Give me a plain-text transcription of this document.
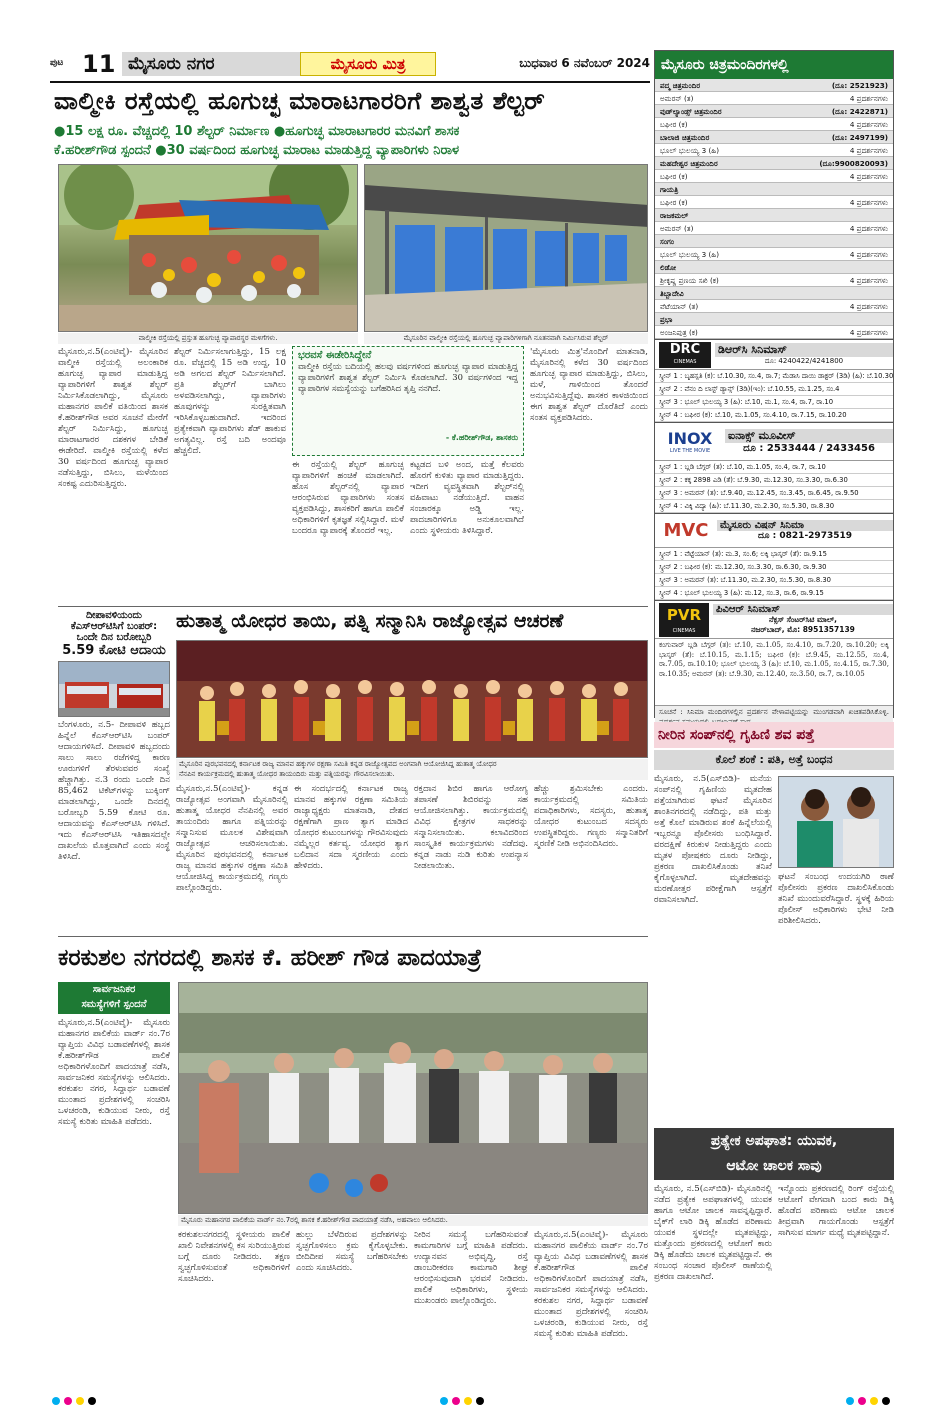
ಪುಟ 11 ಮೈಸೂರು ನಗರ	ಮೈಸೂರು ಮಿತ್ರ	ಬುಧವಾರ 6 ನವೆಂಬರ್ 2024
ವಾಲ್ಮೀಕಿ ರಸ್ತೆಯಲ್ಲಿ ಹೂಗುಚ್ಛ ಮಾರಾಟಗಾರರಿಗೆ ಶಾಶ್ವತ ಶೆಲ್ಟರ್
●15 ಲಕ್ಷ ರೂ. ವೆಚ್ಚದಲ್ಲಿ 10 ಶೆಲ್ಟರ್ ನಿರ್ಮಾಣ ●ಹೂಗುಚ್ಛ ಮಾರಾಟಗಾರರ ಮನವಿಗೆ ಶಾಸಕ
ಕೆ.ಹರೀಶ್‌ಗೌಡ ಸ್ಪಂದನೆ ●30 ವರ್ಷದಿಂದ ಹೂಗುಚ್ಛ ಮಾರಾಟ ಮಾಡುತ್ತಿದ್ದ ವ್ಯಾಪಾರಿಗಳು ನಿರಾಳ
ವಾಲ್ಮೀಕಿ ರಸ್ತೆಯಲ್ಲಿ ಪ್ರಸ್ತುತ ಹೂಗುಚ್ಛ ವ್ಯಾಪಾರಸ್ಥರ ಮಳಿಗೆಗಳು.	ಮೈಸೂರಿನ ವಾಲ್ಮೀಕಿ ರಸ್ತೆಯಲ್ಲಿ ಹೂಗುಚ್ಛ ವ್ಯಾಪಾರಿಗಳಿಗಾಗಿ ನೂತನವಾಗಿ ನಿರ್ಮಿಸಿರುವ ಶೆಲ್ಟರ್
ಮೈಸೂರು,ನ.5(ಎಂಟಿವೈ)- ಮೈಸೂರಿನ ವಾಲ್ಮೀಕಿ ರಸ್ತೆಯಲ್ಲಿ ಅಲಂಕಾರಿಕ ಹೂಗುಚ್ಛ ವ್ಯಾಪಾರ ಮಾಡುತ್ತಿದ್ದ ವ್ಯಾಪಾರಿಗಳಿಗೆ ಶಾಶ್ವತ ಶೆಲ್ಟರ್ ನಿರ್ಮಿಸಿಕೊಡಲಾಗಿದ್ದು, ಮೈಸೂರು ಮಹಾನಗರ ಪಾಲಿಕೆ ವತಿಯಿಂದ ಶಾಸಕ ಕೆ.ಹರೀಶ್‌ಗೌಡ ಅವರ ಸೂಚನೆ ಮೇರೆಗೆ ಶೆಲ್ಟರ್ ನಿರ್ಮಿಸಿದ್ದು, ಹೂಗುಚ್ಛ ಮಾರಾಟಗಾರರ ದಶಕಗಳ ಬೇಡಿಕೆ ಈಡೇರಿದೆ. ವಾಲ್ಮೀಕಿ ರಸ್ತೆಯಲ್ಲಿ ಕಳೆದ 30 ವರ್ಷದಿಂದ ಹೂಗುಚ್ಛ ವ್ಯಾಪಾರ ನಡೆಸುತ್ತಿದ್ದು, ಬಿಸಿಲು, ಮಳೆಯಿಂದ ಸಂಕಷ್ಟ ಎದುರಿಸುತ್ತಿದ್ದರು.
ಶೆಲ್ಟರ್ ನಿರ್ಮಿಸಲಾಗುತ್ತಿದ್ದು, 15 ಲಕ್ಷ ರೂ. ವೆಚ್ಚದಲ್ಲಿ 15 ಅಡಿ ಉದ್ದ, 10 ಅಡಿ ಅಗಲದ ಶೆಲ್ಟರ್ ನಿರ್ಮಿಸಲಾಗಿದೆ. ಪ್ರತಿ ಶೆಲ್ಟರ್‌ಗೆ ಬಾಗಿಲು ಅಳವಡಿಸಲಾಗಿದ್ದು, ವ್ಯಾಪಾರಿಗಳು ಹೂವುಗಳನ್ನು ಸುರಕ್ಷಿತವಾಗಿ ಇರಿಸಿಕೊಳ್ಳಬಹುದಾಗಿದೆ. ಇದರಿಂದ ಪ್ರತ್ಯೇಕವಾಗಿ ವ್ಯಾಪಾರಿಗಳು ಶೆಡ್ ಹಾಕುವ ಅಗತ್ಯವಿಲ್ಲ. ರಸ್ತೆ ಬದಿ ಅಂದವೂ ಹೆಚ್ಚಲಿದೆ.
ಭರವಸೆ ಈಡೇರಿಸಿದ್ದೇನೆ
ವಾಲ್ಮೀಕಿ ರಸ್ತೆಯ ಬದಿಯಲ್ಲಿ ಹಲವು ವರ್ಷಗಳಿಂದ ಹೂಗುಚ್ಛ ವ್ಯಾಪಾರ ಮಾಡುತ್ತಿದ್ದ ವ್ಯಾಪಾರಿಗಳಿಗೆ ಶಾಶ್ವತ ಶೆಲ್ಟರ್ ನಿರ್ಮಿಸಿ ಕೊಡಲಾಗಿದೆ. 30 ವರ್ಷಗಳಿಂದ ಇದ್ದ ವ್ಯಾಪಾರಿಗಳ ಸಮಸ್ಯೆಯನ್ನು ಬಗೆಹರಿಸಿದ ತೃಪ್ತಿ ನನಗಿದೆ.
- ಕೆ.ಹರೀಶ್‌ಗೌಡ, ಶಾಸಕರು
ಈ ರಸ್ತೆಯಲ್ಲಿ ಶೆಲ್ಟರ್ ಹೂಗುಚ್ಛ ವ್ಯಾಪಾರಿಗಳಿಗೆ ಹಂಚಿಕೆ ಮಾಡಲಾಗಿದೆ. ಹೊಸ ಶೆಲ್ಟರ್‌ನಲ್ಲಿ ವ್ಯಾಪಾರ ಆರಂಭಿಸಿರುವ ವ್ಯಾಪಾರಿಗಳು ಸಂತಸ ವ್ಯಕ್ತಪಡಿಸಿದ್ದು, ಶಾಸಕರಿಗೆ ಹಾಗೂ ಪಾಲಿಕೆ ಅಧಿಕಾರಿಗಳಿಗೆ ಕೃತಜ್ಞತೆ ಸಲ್ಲಿಸಿದ್ದಾರೆ. ಮಳೆ ಬಂದರೂ ವ್ಯಾಪಾರಕ್ಕೆ ತೊಂದರೆ ಇಲ್ಲ.
ಕಟ್ಟಡದ ಬಳಿ ಅಂದ, ಮತ್ತೆ ಕೆಲವರು ಹೊರಗೆ ಕುಳಿತು ವ್ಯಾಪಾರ ಮಾಡುತ್ತಿದ್ದರು. ಇದೀಗ ವ್ಯವಸ್ಥಿತವಾಗಿ ಶೆಲ್ಟರ್‌ನಲ್ಲಿ ವಹಿವಾಟು ನಡೆಯುತ್ತಿದೆ. ವಾಹನ ಸಂಚಾರಕ್ಕೂ ಅಡ್ಡಿ ಇಲ್ಲ. ಪಾದಚಾರಿಗಳಿಗೂ ಅನುಕೂಲವಾಗಿದೆ ಎಂದು ಸ್ಥಳೀಯರು ತಿಳಿಸಿದ್ದಾರೆ.
'ಮೈಸೂರು ಮಿತ್ರ'ನೊಂದಿಗೆ ಮಾತನಾಡಿ, ಮೈಸೂರಿನಲ್ಲಿ ಕಳೆದ 30 ವರ್ಷದಿಂದ ಹೂಗುಚ್ಛ ವ್ಯಾಪಾರ ಮಾಡುತ್ತಿದ್ದು, ಬಿಸಿಲು, ಮಳೆ, ಗಾಳಿಯಿಂದ ತೊಂದರೆ ಅನುಭವಿಸುತ್ತಿದ್ದೆವು. ಶಾಸಕರ ಕಾಳಜಿಯಿಂದ ಈಗ ಶಾಶ್ವತ ಶೆಲ್ಟರ್ ದೊರೆತಿದೆ ಎಂದು ಸಂತಸ ವ್ಯಕ್ತಪಡಿಸಿದರು.
ದೀಪಾವಳಿಯಂದು
ಕೆಎಸ್ಆರ್‌ಟಿಸಿಗೆ ಬಂಪರ್:
ಒಂದೇ ದಿನ ಬರೋಬ್ಬರಿ
5.59 ಕೋಟಿ ಆದಾಯ
ಬೆಂಗಳೂರು, ನ.5- ದೀಪಾವಳಿ ಹಬ್ಬದ ಹಿನ್ನೆಲೆ ಕೆಎಸ್ಆರ್‌ಟಿಸಿ ಬಂಪರ್ ಆದಾಯಗಳಿಸಿದೆ. ದೀಪಾವಳಿ ಹಬ್ಬದಂದು ಸಾಲು ಸಾಲು ರಜೆಗಳಿದ್ದ ಕಾರಣ ಊರುಗಳಿಗೆ ತೆರಳುವವರ ಸಂಖ್ಯೆ ಹೆಚ್ಚಾಗಿತ್ತು. ನ.3 ರಂದು ಒಂದೇ ದಿನ 85,462 ಟಿಕೆಟ್‌ಗಳನ್ನು ಬುಕ್ಕಿಂಗ್ ಮಾಡಲಾಗಿದ್ದು, ಒಂದೇ ದಿನದಲ್ಲಿ ಬರೋಬ್ಬರಿ 5.59 ಕೋಟಿ ರೂ. ಆದಾಯವನ್ನು ಕೆಎಸ್ಆರ್‌ಟಿಸಿ ಗಳಿಸಿದೆ. ಇದು ಕೆಎಸ್ಆರ್‌ಟಿಸಿ ಇತಿಹಾಸದಲ್ಲೇ ದಾಖಲೆಯ ಮೊತ್ತವಾಗಿದೆ ಎಂದು ಸಂಸ್ಥೆ ತಿಳಿಸಿದೆ.
ಹುತಾತ್ಮ ಯೋಧರ ತಾಯಿ, ಪತ್ನಿ ಸನ್ಮಾನಿಸಿ ರಾಜ್ಯೋತ್ಸವ ಆಚರಣೆ
ಮೈಸೂರಿನ ಪುರಭವನದಲ್ಲಿ ಕರ್ನಾಟಕ ರಾಜ್ಯ ಮಾನವ ಹಕ್ಕುಗಳ ರಕ್ಷಣಾ ಸಮಿತಿ ಕನ್ನಡ ರಾಜ್ಯೋತ್ಸವದ ಅಂಗವಾಗಿ ಆಯೋಜಿಸಿದ್ದ ಹುತಾತ್ಮ ಯೋಧರ
ನೆನಪಿನ ಕಾರ್ಯಕ್ರಮದಲ್ಲಿ ಹುತಾತ್ಮ ಯೋಧರ ತಾಯಂದಿರು ಮತ್ತು ಪತ್ನಿಯರನ್ನು ಗೌರವಿಸಲಾಯಿತು.
ಮೈಸೂರು,ನ.5(ಎಂಟಿವೈ)- ಕನ್ನಡ ರಾಜ್ಯೋತ್ಸವ ಅಂಗವಾಗಿ ಮೈಸೂರಿನಲ್ಲಿ ಹುತಾತ್ಮ ಯೋಧರ ನೆನಪಿನಲ್ಲಿ ಅವರ ತಾಯಂದಿರು ಹಾಗೂ ಪತ್ನಿಯರನ್ನು ಸನ್ಮಾನಿಸುವ ಮೂಲಕ ವಿಶೇಷವಾಗಿ ರಾಜ್ಯೋತ್ಸವ ಆಚರಿಸಲಾಯಿತು. ಮೈಸೂರಿನ ಪುರಭವನದಲ್ಲಿ ಕರ್ನಾಟಕ ರಾಜ್ಯ ಮಾನವ ಹಕ್ಕುಗಳ ರಕ್ಷಣಾ ಸಮಿತಿ ಆಯೋಜಿಸಿದ್ದ ಕಾರ್ಯಕ್ರಮದಲ್ಲಿ ಗಣ್ಯರು ಪಾಲ್ಗೊಂಡಿದ್ದರು.
ಈ ಸಂದರ್ಭದಲ್ಲಿ ಕರ್ನಾಟಕ ರಾಜ್ಯ ಮಾನವ ಹಕ್ಕುಗಳ ರಕ್ಷಣಾ ಸಮಿತಿಯ ರಾಜ್ಯಾಧ್ಯಕ್ಷರು ಮಾತನಾಡಿ, ದೇಶದ ರಕ್ಷಣೆಗಾಗಿ ಪ್ರಾಣ ತ್ಯಾಗ ಮಾಡಿದ ಯೋಧರ ಕುಟುಂಬಗಳನ್ನು ಗೌರವಿಸುವುದು ನಮ್ಮೆಲ್ಲರ ಕರ್ತವ್ಯ. ಯೋಧರ ತ್ಯಾಗ ಬಲಿದಾನ ಸದಾ ಸ್ಮರಣೀಯ ಎಂದು ಹೇಳಿದರು.
ರಕ್ತದಾನ ಶಿಬಿರ ಹಾಗೂ ಆರೋಗ್ಯ ತಪಾಸಣೆ ಶಿಬಿರವನ್ನು ಸಹ ಆಯೋಜಿಸಲಾಗಿತ್ತು. ಕಾರ್ಯಕ್ರಮದಲ್ಲಿ ವಿವಿಧ ಕ್ಷೇತ್ರಗಳ ಸಾಧಕರನ್ನು ಸನ್ಮಾನಿಸಲಾಯಿತು. ಕಲಾವಿದರಿಂದ ಸಾಂಸ್ಕೃತಿಕ ಕಾರ್ಯಕ್ರಮಗಳು ನಡೆದವು. ಕನ್ನಡ ನಾಡು ನುಡಿ ಕುರಿತು ಉಪನ್ಯಾಸ ನೀಡಲಾಯಿತು.
ಹೆಚ್ಚು ಶ್ರಮಿಸಬೇಕು ಎಂದರು. ಕಾರ್ಯಕ್ರಮದಲ್ಲಿ ಸಮಿತಿಯ ಪದಾಧಿಕಾರಿಗಳು, ಸದಸ್ಯರು, ಹುತಾತ್ಮ ಯೋಧರ ಕುಟುಂಬದ ಸದಸ್ಯರು ಉಪಸ್ಥಿತರಿದ್ದರು. ಗಣ್ಯರು ಸನ್ಮಾನಿತರಿಗೆ ಸ್ಮರಣಿಕೆ ನೀಡಿ ಅಭಿನಂದಿಸಿದರು.
ಕರಕುಶಲ ನಗರದಲ್ಲಿ ಶಾಸಕ ಕೆ. ಹರೀಶ್ ಗೌಡ ಪಾದಯಾತ್ರೆ
ಸಾರ್ವಜನಿಕರ
ಸಮಸ್ಯೆಗಳಿಗೆ ಸ್ಪಂದನೆ
ಮೈಸೂರು,ನ.5(ಎಂಟಿವೈ)- ಮೈಸೂರು ಮಹಾನಗರ ಪಾಲಿಕೆಯ ವಾರ್ಡ್ ನಂ.7ರ ವ್ಯಾಪ್ತಿಯ ವಿವಿಧ ಬಡಾವಣೆಗಳಲ್ಲಿ ಶಾಸಕ ಕೆ.ಹರೀಶ್‌ಗೌಡ ಪಾಲಿಕೆ ಅಧಿಕಾರಿಗಳೊಂದಿಗೆ ಪಾದಯಾತ್ರೆ ನಡೆಸಿ, ಸಾರ್ವಜನಿಕರ ಸಮಸ್ಯೆಗಳನ್ನು ಆಲಿಸಿದರು. ಕರಕುಶಲ ನಗರ, ಸಿದ್ದಾರ್ಥ ಬಡಾವಣೆ ಮುಂತಾದ ಪ್ರದೇಶಗಳಲ್ಲಿ ಸಂಚರಿಸಿ ಒಳಚರಂಡಿ, ಕುಡಿಯುವ ನೀರು, ರಸ್ತೆ ಸಮಸ್ಯೆ ಕುರಿತು ಮಾಹಿತಿ ಪಡೆದರು.
ಮೈಸೂರು ಮಹಾನಗರ ಪಾಲಿಕೆಯ ವಾರ್ಡ್ ನಂ.7ರಲ್ಲಿ ಶಾಸಕ ಕೆ.ಹರೀಶ್‌ಗೌಡ ಪಾದಯಾತ್ರೆ ನಡೆಸಿ, ಅಹವಾಲು ಆಲಿಸಿದರು.
ಕರಕುಶಲನಗರದಲ್ಲಿ ಸ್ಥಳೀಯರು ಪಾಲಿಕೆ ಖಾಲಿ ನಿವೇಶನಗಳಲ್ಲಿ ಕಸ ಸುರಿಯುತ್ತಿರುವ ಬಗ್ಗೆ ದೂರು ನೀಡಿದರು. ತಕ್ಷಣ ಸ್ವಚ್ಛಗೊಳಿಸುವಂತೆ ಅಧಿಕಾರಿಗಳಿಗೆ ಸೂಚಿಸಿದರು.
ಹುಲ್ಲು ಬೆಳೆದಿರುವ ಪ್ರದೇಶಗಳನ್ನು ಸ್ವಚ್ಛಗೊಳಿಸಲು ಕ್ರಮ ಕೈಗೊಳ್ಳಬೇಕು. ಬೀದಿದೀಪ ಸಮಸ್ಯೆ ಬಗೆಹರಿಸಬೇಕು ಎಂದು ಸೂಚಿಸಿದರು.
ನೀರಿನ ಸಮಸ್ಯೆ ಬಗೆಹರಿಸುವಂತೆ ಕಾಮಗಾರಿಗಳ ಬಗ್ಗೆ ಮಾಹಿತಿ ಪಡೆದರು. ಉದ್ಯಾನವನ ಅಭಿವೃದ್ಧಿ, ರಸ್ತೆ ಡಾಂಬರೀಕರಣ ಕಾಮಗಾರಿ ಶೀಘ್ರ ಆರಂಭಿಸುವುದಾಗಿ ಭರವಸೆ ನೀಡಿದರು. ಪಾಲಿಕೆ ಅಧಿಕಾರಿಗಳು, ಸ್ಥಳೀಯ ಮುಖಂಡರು ಪಾಲ್ಗೊಂಡಿದ್ದರು.
ಮೈಸೂರು,ನ.5(ಎಂಟಿವೈ)- ಮೈಸೂರು ಮಹಾನಗರ ಪಾಲಿಕೆಯ ವಾರ್ಡ್ ನಂ.7ರ ವ್ಯಾಪ್ತಿಯ ವಿವಿಧ ಬಡಾವಣೆಗಳಲ್ಲಿ ಶಾಸಕ ಕೆ.ಹರೀಶ್‌ಗೌಡ ಪಾಲಿಕೆ ಅಧಿಕಾರಿಗಳೊಂದಿಗೆ ಪಾದಯಾತ್ರೆ ನಡೆಸಿ, ಸಾರ್ವಜನಿಕರ ಸಮಸ್ಯೆಗಳನ್ನು ಆಲಿಸಿದರು. ಕರಕುಶಲ ನಗರ, ಸಿದ್ದಾರ್ಥ ಬಡಾವಣೆ ಮುಂತಾದ ಪ್ರದೇಶಗಳಲ್ಲಿ ಸಂಚರಿಸಿ ಒಳಚರಂಡಿ, ಕುಡಿಯುವ ನೀರು, ರಸ್ತೆ ಸಮಸ್ಯೆ ಕುರಿತು ಮಾಹಿತಿ ಪಡೆದರು.
ಮೈಸೂರು ಚಿತ್ರಮಂದಿರಗಳಲ್ಲಿ
ಪದ್ಮ ಚಿತ್ರಮಂದಿರ	(ದೂ: 2521923)
ಅಮರನ್ (ತ)	4 ಪ್ರದರ್ಶನಗಳು
ವುಡ್‌ಲ್ಯಾಂಡ್ಸ್ ಚಿತ್ರಮಂದಿರ	(ದೂ: 2422871)
ಬಘೀರ (ಕ)	4 ಪ್ರದರ್ಶನಗಳು
ಬಾಲಾಜಿ ಚಿತ್ರಮಂದಿರ	(ದೂ: 2497199)
ಭೂಲ್ ಭುಲಯ್ಯ 3 (ಹಿ)	4 ಪ್ರದರ್ಶನಗಳು
ಮಹದೇಶ್ವರ ಚಿತ್ರಮಂದಿರ	(ದೂ:9900820093)
ಬಘೀರ (ಕ)	4 ಪ್ರದರ್ಶನಗಳು
ಗಾಯತ್ರಿ
ಬಘೀರ (ಕ)	4 ಪ್ರದರ್ಶನಗಳು
ರಾಜಕಮಲ್
ಅಮರನ್ (ತ)	4 ಪ್ರದರ್ಶನಗಳು
ಸಂಗಂ
ಭೂಲ್ ಭುಲಯ್ಯ 3 (ಹಿ)	4 ಪ್ರದರ್ಶನಗಳು
ಲಿಡೋ
ಶ್ರೀಕೃಷ್ಣ ಪ್ರಣಯ ಸಖಿ (ಕ)	4 ಪ್ರದರ್ಶನಗಳು
ತಿಬ್ಬಾದೇವಿ
ವೆಟೆಯಾನ್ (ತ)	4 ಪ್ರದರ್ಶನಗಳು
ಪ್ರಭಾ
ಅಂಜನಿಪುತ್ರ (ಕ)	4 ಪ್ರದರ್ಶನಗಳು
DRC
CINEMAS
ಡಿಆರ್‌ಸಿ ಸಿನಿಮಾಸ್
ದೂ: 4240422/4241800
ಸ್ಕ್ರೀನ್ 1 : ಬೃಹಸ್ಪತಿ (ಕ): ಬೆ.10.30, ಸಂ.4, ರಾ.7; ಮೆಡಾಸಿ ದಾಯಿ ಡಾಕ್ಟರ್ (3ಡಿ) (ಹಿ): ಬೆ.10.30
ಸ್ಕ್ರೀನ್ 2 : ವೆನಂ ದಿ ಲಾಸ್ಟ್ ಡ್ಯಾನ್ಸ್ (3ಡಿ)(ಇಂ): ಬೆ.10.55, ಮ.1.25, ಸಂ.4
ಸ್ಕ್ರೀನ್ 3 : ಭೂಲ್ ಭುಲಯ್ಯ 3 (ಹಿ): ಬೆ.10, ಮ.1, ಸಂ.4, ರಾ.7, ರಾ.10
ಸ್ಕ್ರೀನ್ 4 : ಬಘೀರ (ಕ): ಬೆ.10, ಮ.1.05, ಸಂ.4.10, ರಾ.7.15, ರಾ.10.20
INOX
LIVE THE MOVIE
ಐನಾಕ್ಸ್ ಮೂವೀಸ್
ದೂ : 2533444 / 2433456
ಸ್ಕ್ರೀನ್ 1 : ಬ್ಲಡಿ ಬೆಗ್ಗರ್ (ತ): ಬೆ.10, ಮ.1.05, ಸಂ.4, ರಾ.7, ರಾ.10
ಸ್ಕ್ರೀನ್ 2 : ಕಕ್ಕ 2898 ಎಡಿ (ತೆ): ಬೆ.9.30, ಮ.12.30, ಸಂ.3.30, ರಾ.6.30
ಸ್ಕ್ರೀನ್ 3 : ಅಮರನ್ (ತ): ಬೆ.9.40, ಮ.12.45, ಸಂ.3.45, ರಾ.6.45, ರಾ.9.50
ಸ್ಕ್ರೀನ್ 4 : ವಿಕ್ಕಿ ವಿದ್ಯಾ (ಹಿ): ಬೆ.11.30, ಮ.2.30, ಸಂ.5.30, ರಾ.8.30
MVC	ಮೈಸೂರು ವಿಷನ್ ಸಿನಿಮಾ
ದೂ : 0821-2973519
ಸ್ಕ್ರೀನ್ 1 : ವೆಟ್ಟೆಯಾನ್ (ತ): ಮ.3, ಸಂ.6; ಲಕ್ಕಿ ಭಾಸ್ಕರ್ (ತೆ): ರಾ.9.15
ಸ್ಕ್ರೀನ್ 2 : ಬಘೀರ (ಕ): ಮ.12.30, ಸಂ.3.30, ರಾ.6.30, ರಾ.9.30
ಸ್ಕ್ರೀನ್ 3 : ಅಮರನ್ (ತ): ಬೆ.11.30, ಮ.2.30, ಸಂ.5.30, ರಾ.8.30
ಸ್ಕ್ರೀನ್ 4 : ಭೂಲ್ ಭುಲಯ್ಯ 3 (ಹಿ): ಮ.12, ಸಂ.3, ರಾ.6, ರಾ.9.15
PVR
CINEMAS
ಪಿವಿಆರ್ ಸಿನಿಮಾಸ್
ನೆಕ್ಸಸ್ ಸೆಂಟರ್‌ಸಿಟಿ ಮಾಲ್,
ನಜರ್‌ಬಾದ್, ಮೊ: 8951357139
ಕಂಗುವಾರ್ ಬ್ಲಡಿ ಬೆಗ್ಗರ್ (ತ): ಬೆ.10, ಮ.1.05, ಸಂ.4.10, ರಾ.7.20, ರಾ.10.20; ಲಕ್ಕಿ ಭಾಸ್ಕರ್ (ತೆ): ಬೆ.10.15, ಮ.1.15; ಬಘೀರ (ಕ): ಬೆ.9.45, ಮ.12.55, ಸಂ.4, ರಾ.7.05, ರಾ.10.10; ಭೂಲ್ ಭುಲಯ್ಯ 3 (ಹಿ): ಬೆ.10, ಮ.1.05, ಸಂ.4.15, ರಾ.7.30, ರಾ.10.35; ಅಮರನ್ (ತ): ಬೆ.9.30, ಮ.12.40, ಸಂ.3.50, ರಾ.7, ರಾ.10.05
ಸೂಚನೆ : ಸಿನಿಮಾ ಮಂದಿರಗಳಲ್ಲಿನ ಪ್ರದರ್ಶನ ವೇಳಾಪಟ್ಟಿಯನ್ನು ಮುಂಗಡವಾಗಿ ಖಚಿತಪಡಿಸಿಕೊಳ್ಳಿ.
ನೀರಿನ ಸಂಪ್‌ನಲ್ಲಿ ಗೃಹಿಣಿ ಶವ ಪತ್ತೆ
ಕೊಲೆ ಶಂಕೆ : ಪತಿ, ಅತ್ತೆ ಬಂಧನ
ಮೈಸೂರು, ನ.5(ಎಸ್‌ಬಿಡಿ)- ಮನೆಯ ಸಂಪ್‌ನಲ್ಲಿ ಗೃಹಿಣಿಯ ಮೃತದೇಹ ಪತ್ತೆಯಾಗಿರುವ ಘಟನೆ ಮೈಸೂರಿನ ಶಾಂತಿನಗರದಲ್ಲಿ ನಡೆದಿದ್ದು, ಪತಿ ಮತ್ತು ಅತ್ತೆ ಕೊಲೆ ಮಾಡಿರುವ ಶಂಕೆ ಹಿನ್ನೆಲೆಯಲ್ಲಿ ಇಬ್ಬರನ್ನೂ ಪೊಲೀಸರು ಬಂಧಿಸಿದ್ದಾರೆ. ವರದಕ್ಷಿಣೆ ಕಿರುಕುಳ ನೀಡುತ್ತಿದ್ದರು ಎಂದು ಮೃತಳ ಪೋಷಕರು ದೂರು ನೀಡಿದ್ದು, ಪ್ರಕರಣ ದಾಖಲಿಸಿಕೊಂಡು ತನಿಖೆ ಕೈಗೊಳ್ಳಲಾಗಿದೆ. ಮೃತದೇಹವನ್ನು ಮರಣೋತ್ತರ ಪರೀಕ್ಷೆಗಾಗಿ ಆಸ್ಪತ್ರೆಗೆ ರವಾನಿಸಲಾಗಿದೆ.
ಘಟನೆ ಸಂಬಂಧ ಉದಯಗಿರಿ ಠಾಣೆ ಪೊಲೀಸರು ಪ್ರಕರಣ ದಾಖಲಿಸಿಕೊಂಡು ತನಿಖೆ ಮುಂದುವರೆಸಿದ್ದಾರೆ. ಸ್ಥಳಕ್ಕೆ ಹಿರಿಯ ಪೊಲೀಸ್ ಅಧಿಕಾರಿಗಳು ಭೇಟಿ ನೀಡಿ ಪರಿಶೀಲಿಸಿದರು.
ಪ್ರತ್ಯೇಕ ಅಪಘಾತ: ಯುವಕ,
ಆಟೋ ಚಾಲಕ ಸಾವು
ಮೈಸೂರು, ನ.5(ಎಸ್‌ಬಿಡಿ)- ಮೈಸೂರಿನಲ್ಲಿ ನಡೆದ ಪ್ರತ್ಯೇಕ ಅಪಘಾತಗಳಲ್ಲಿ ಯುವಕ ಹಾಗೂ ಆಟೋ ಚಾಲಕ ಸಾವನ್ನಪ್ಪಿದ್ದಾರೆ. ಬೈಕ್‌ಗೆ ಲಾರಿ ಡಿಕ್ಕಿ ಹೊಡೆದ ಪರಿಣಾಮ ಯುವಕ ಸ್ಥಳದಲ್ಲೇ ಮೃತಪಟ್ಟಿದ್ದು, ಮತ್ತೊಂದು ಪ್ರಕರಣದಲ್ಲಿ ಆಟೋಗೆ ಕಾರು ಡಿಕ್ಕಿ ಹೊಡೆದು ಚಾಲಕ ಮೃತಪಟ್ಟಿದ್ದಾನೆ. ಈ ಸಂಬಂಧ ಸಂಚಾರ ಪೊಲೀಸ್ ಠಾಣೆಯಲ್ಲಿ ಪ್ರಕರಣ ದಾಖಲಾಗಿದೆ.
ಇನ್ನೊಂದು ಪ್ರಕರಣದಲ್ಲಿ ರಿಂಗ್ ರಸ್ತೆಯಲ್ಲಿ ಆಟೋಗೆ ವೇಗವಾಗಿ ಬಂದ ಕಾರು ಡಿಕ್ಕಿ ಹೊಡೆದ ಪರಿಣಾಮ ಆಟೋ ಚಾಲಕ ತೀವ್ರವಾಗಿ ಗಾಯಗೊಂಡು ಆಸ್ಪತ್ರೆಗೆ ಸಾಗಿಸುವ ಮಾರ್ಗ ಮಧ್ಯೆ ಮೃತಪಟ್ಟಿದ್ದಾನೆ.
